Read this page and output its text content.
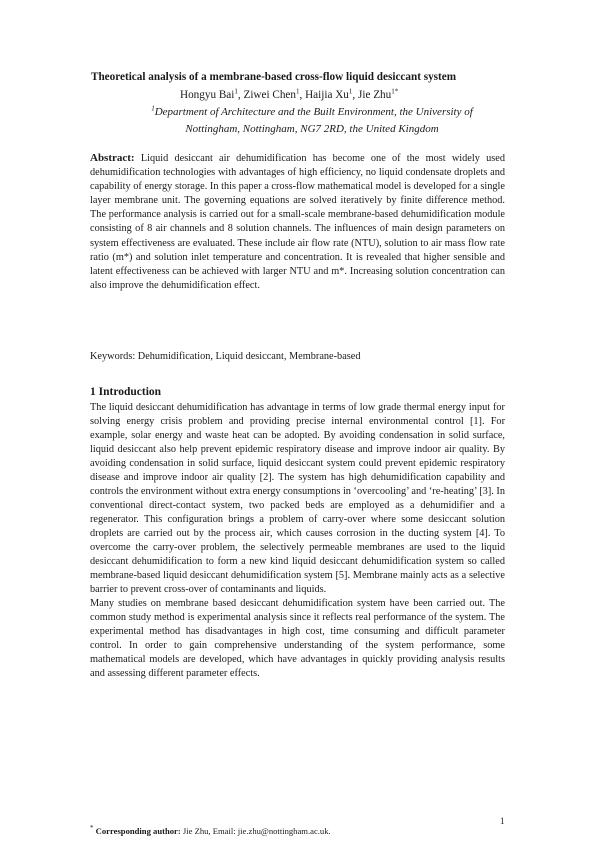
Theoretical analysis of a membrane-based cross-flow liquid desiccant system
Hongyu Bai$^1$, Ziwei Chen$^1$, Haijia Xu$^1$, Jie Zhu$^{1*}$
$^1$Department of Architecture and the Built Environment, the University of Nottingham, Nottingham, NG7 2RD, the United Kingdom
Abstract: Liquid desiccant air dehumidification has become one of the most widely used dehumidification technologies with advantages of high efficiency, no liquid condensate droplets and capability of energy storage. In this paper a cross-flow mathematical model is developed for a single layer membrane unit. The governing equations are solved iteratively by finite difference method. The performance analysis is carried out for a small-scale membrane-based dehumidification module consisting of 8 air channels and 8 solution channels. The influences of main design parameters on system effectiveness are evaluated. These include air flow rate (NTU), solution to air mass flow rate ratio (m*) and solution inlet temperature and concentration. It is revealed that higher sensible and latent effectiveness can be achieved with larger NTU and m*. Increasing solution concentration can also improve the dehumidification effect.
Keywords: Dehumidification, Liquid desiccant, Membrane-based
1 Introduction

The liquid desiccant dehumidification has advantage in terms of low grade thermal energy input for solving energy crisis problem and providing precise internal environmental control [1]. For example, solar energy and waste heat can be adopted. By avoiding condensation in solid surface, liquid desiccant also help prevent epidemic respiratory disease and improve indoor air quality. By avoiding condensation in solid surface, liquid desiccant system could prevent epidemic respiratory disease and improve indoor air quality [2]. The system has high dehumidification capability and controls the environment without extra energy consumptions in ‘overcooling’ and ‘re-heating’ [3]. In conventional direct-contact system, two packed beds are employed as a dehumidifier and a regenerator. This configuration brings a problem of carry-over where some desiccant solution droplets are carried out by the process air, which causes corrosion in the ducting system [4]. To overcome the carry-over problem, the selectively permeable membranes are used to the liquid desiccant dehumidification to form a new kind liquid desiccant dehumidification system so called membrane-based liquid desiccant dehumidification system [5]. Membrane mainly acts as a selective barrier to prevent cross-over of contaminants and liquids.

Many studies on membrane based desiccant dehumidification system have been carried out. The common study method is experimental analysis since it reflects real performance of the system. The experimental method has disadvantages in high cost, time consuming and difficult parameter control. In order to gain comprehensive understanding of the system performance, some mathematical models are developed, which have advantages in quickly providing analysis results and assessing different parameter effects.

1
* Corresponding author: Jie Zhu, Email: jie.zhu@nottingham.ac.uk.
